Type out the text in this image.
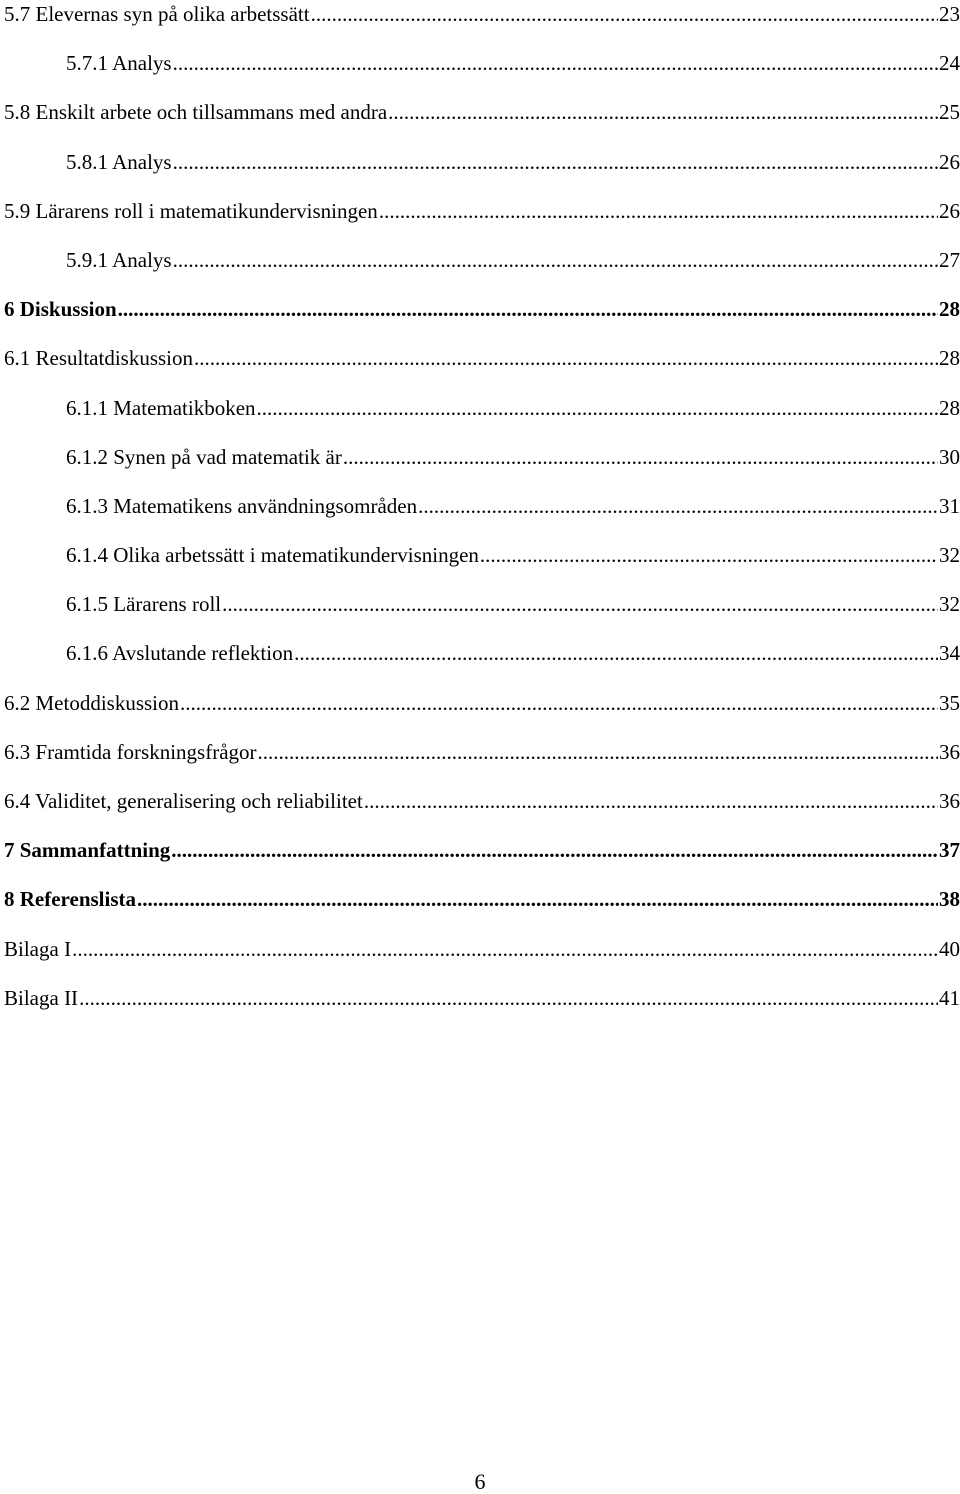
5.7 Elevernas syn på olika arbetssätt .....	23
5.7.1 Analys .....	24
5.8 Enskilt arbete och tillsammans med andra .....	25
5.8.1 Analys .....	26
5.9 Lärarens roll i matematikundervisningen .....	26
5.9.1 Analys .....	27
6 Diskussion .....	28
6.1 Resultatdiskussion .....	28
6.1.1 Matematikboken .....	28
6.1.2 Synen på vad matematik är .....	30
6.1.3 Matematikens användningsområden .....	31
6.1.4 Olika arbetssätt i matematikundervisningen .....	32
6.1.5 Lärarens roll .....	32
6.1.6 Avslutande reflektion .....	34
6.2 Metoddiskussion .....	35
6.3 Framtida forskningsfrågor .....	36
6.4 Validitet, generalisering och reliabilitet .....	36
7 Sammanfattning .....	37
8 Referenslista .....	38
Bilaga I .....	40
Bilaga II .....	41
6
